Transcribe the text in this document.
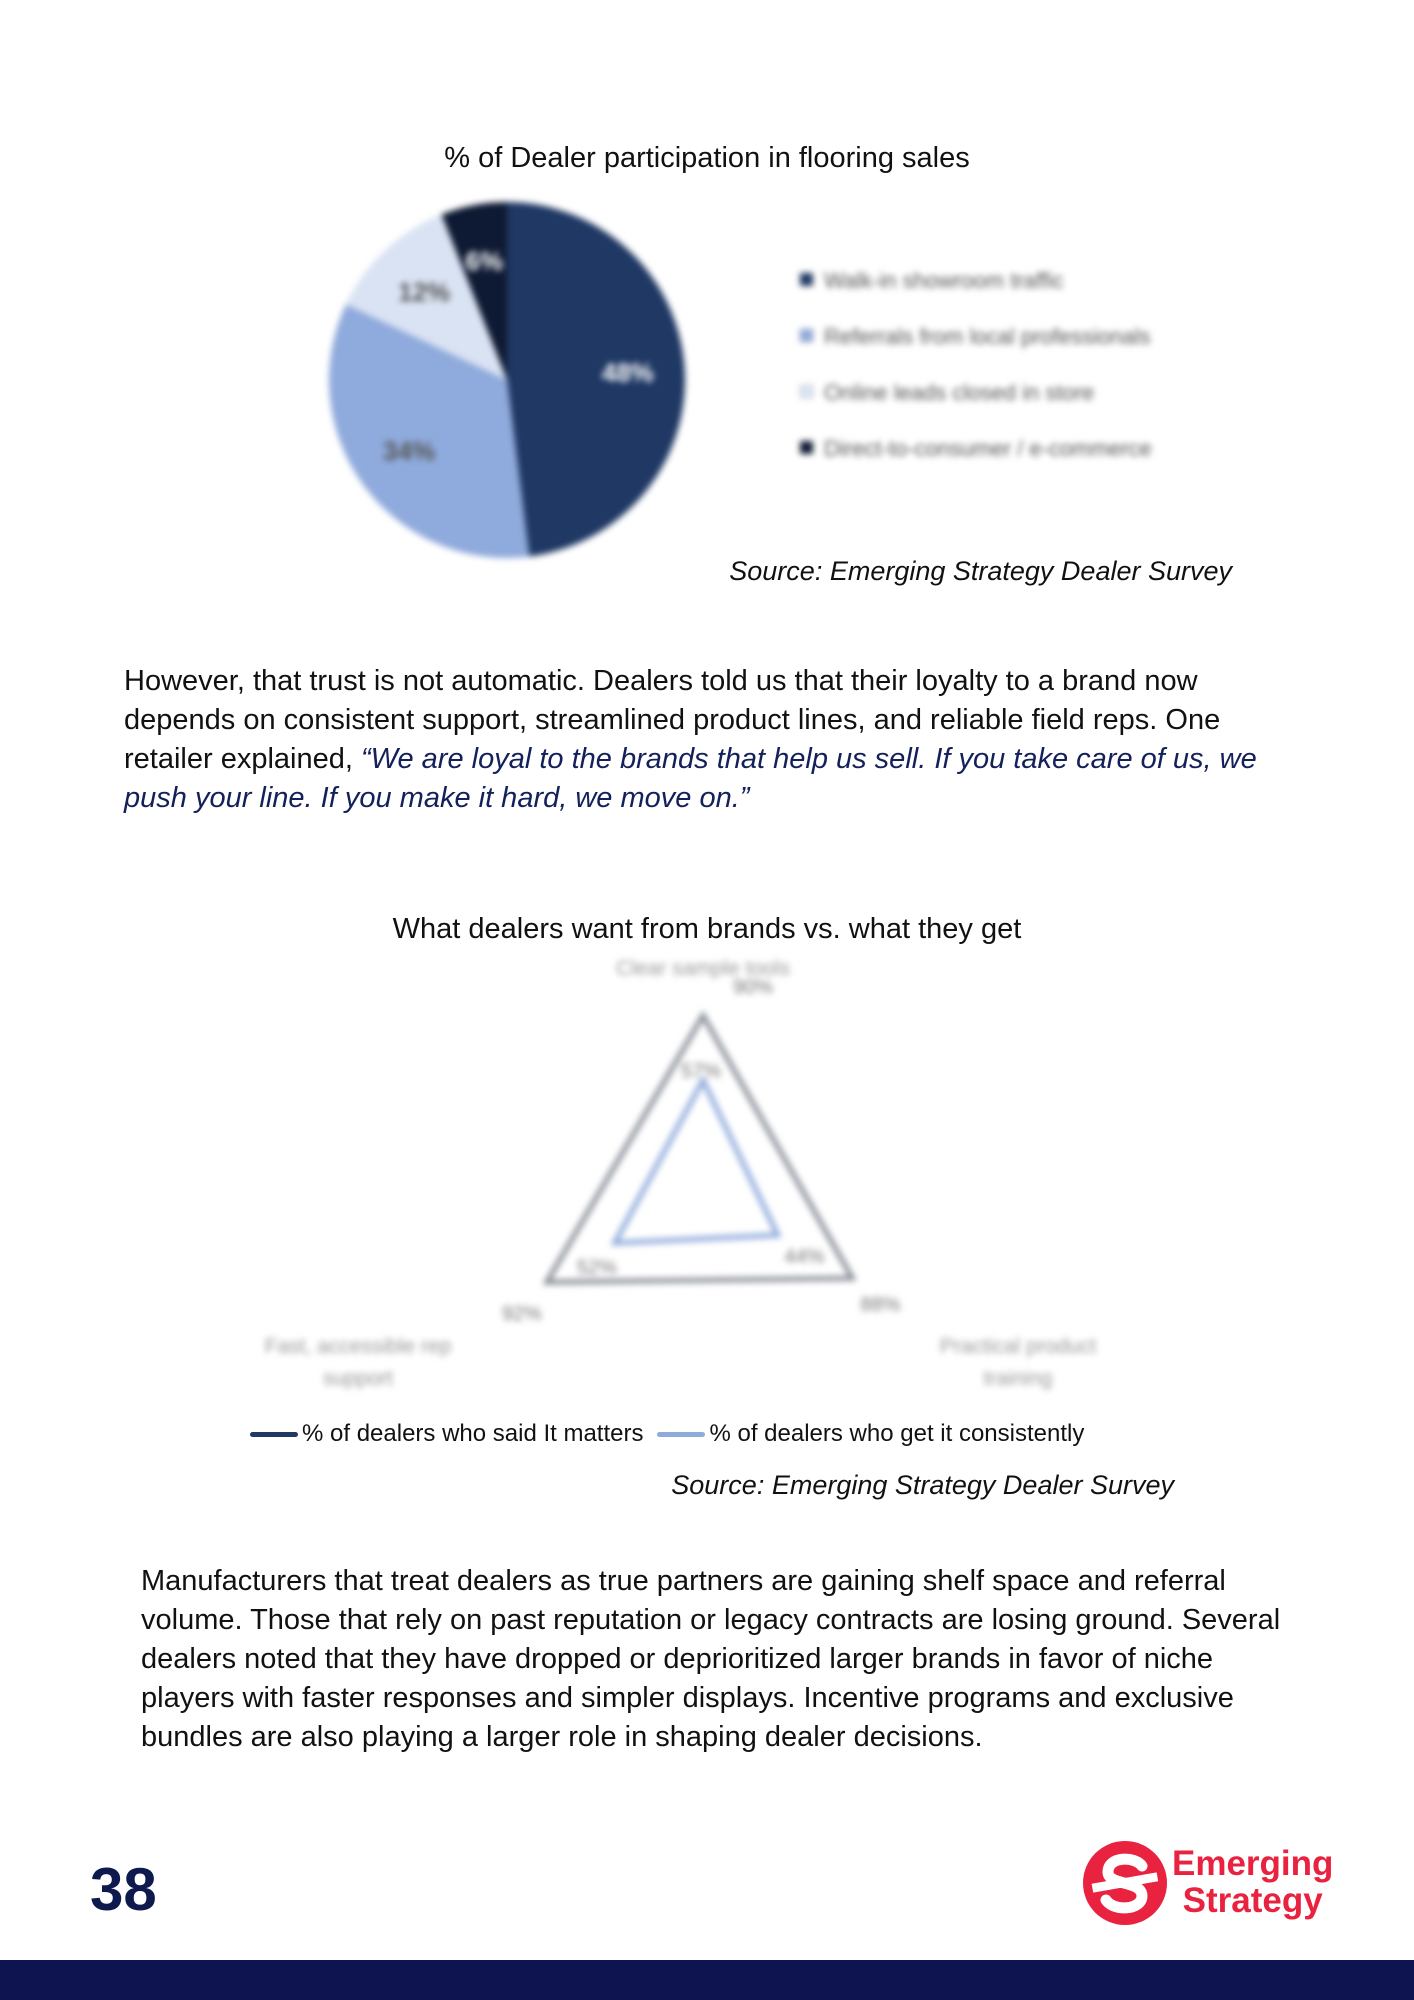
% of Dealer participation in flooring sales
48%
34%
12%
6%
Walk-in showroom traffic
Referrals from local professionals
Online leads closed in store
Direct-to-consumer / e-commerce
Source: Emerging Strategy Dealer Survey
However, that trust is not automatic. Dealers told us that their loyalty to a brand now depends on consistent support, streamlined product lines, and reliable field reps. One retailer explained, “We are loyal to the brands that help us sell. If you take care of us, we push your line. If you make it hard, we move on.”
What dealers want from brands vs. what they get
90%
88%
92%
57%
44%
52%
Clear sample tools
Practical product training
Fast, accessible rep support
% of dealers who said It matters	% of dealers who get it consistently
Source: Emerging Strategy Dealer Survey
Manufacturers that treat dealers as true partners are gaining shelf space and referral volume. Those that rely on past reputation or legacy contracts are losing ground. Several dealers noted that they have dropped or deprioritized larger brands in favor of niche players with faster responses and simpler displays. Incentive programs and exclusive bundles are also playing a larger role in shaping dealer decisions.
38	Emerging
Strategy
